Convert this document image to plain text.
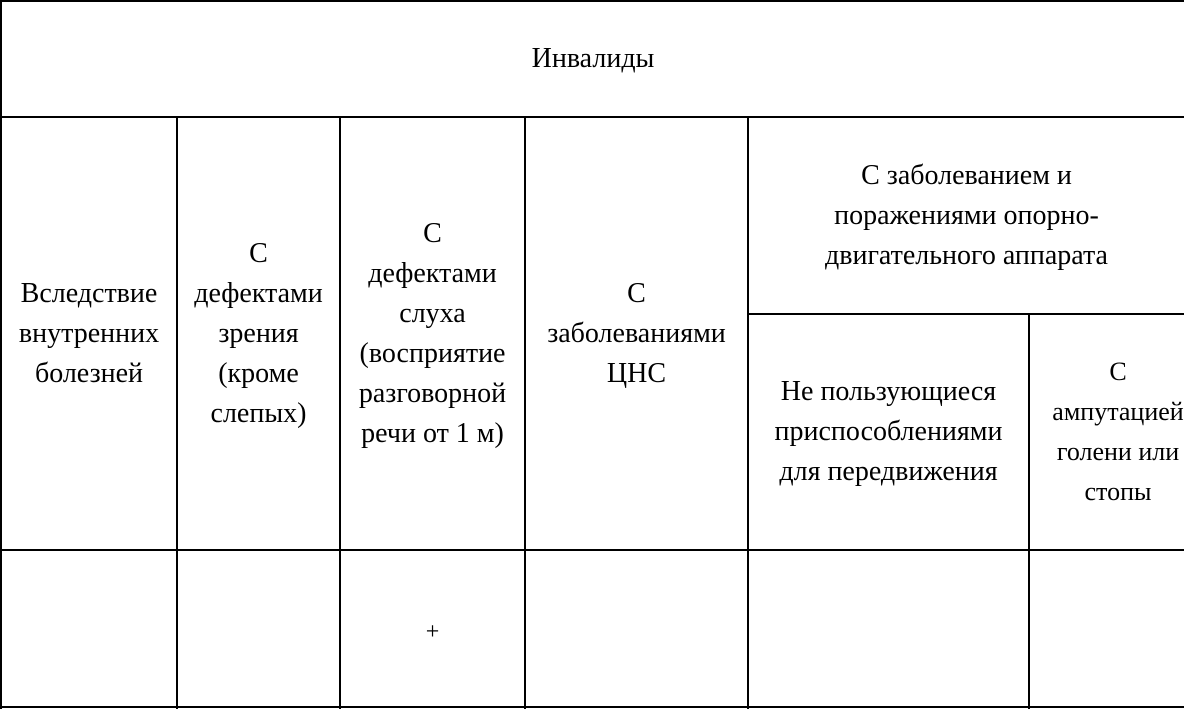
Инвалиды
Вследствие
внутренних
болезней
С
дефектами
зрения
(кроме
слепых)
С
дефектами
слуха
(восприятие
разговорной
речи от 1 м)
С
заболеваниями
ЦНС
С заболеванием и
поражениями опорно-
двигательного аппарата
Не пользующиеся
приспособлениями
для передвижения
С
ампутацией
голени или
стопы
+
